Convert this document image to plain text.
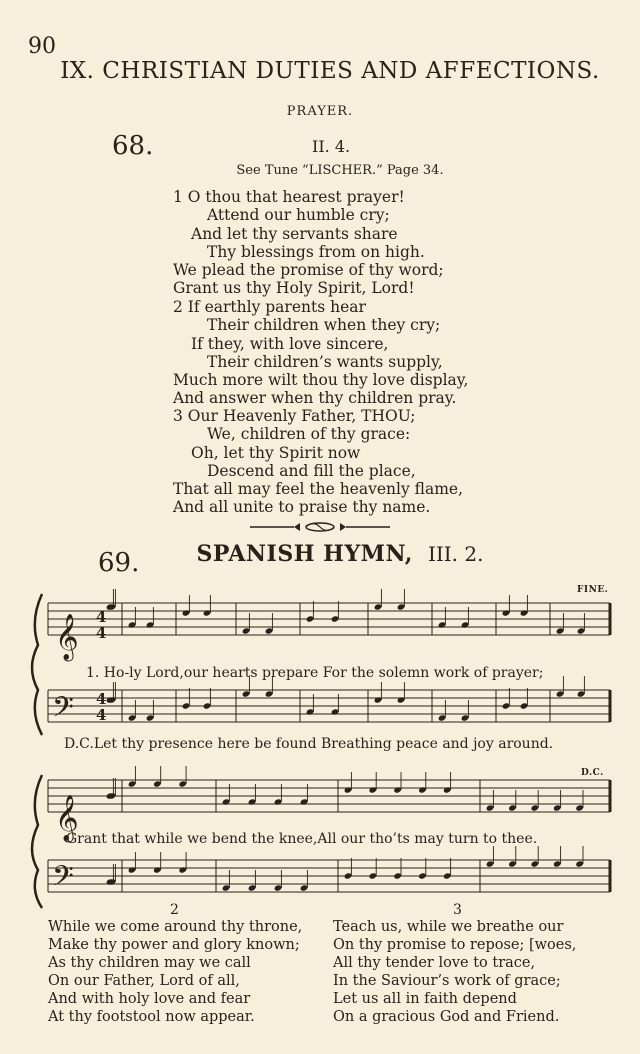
90
IX. CHRISTIAN DUTIES AND AFFECTIONS.
PRAYER.
68.	II. 4.
See Tune “LISCHER.” Page 34.
1 O thou that hearest prayer!
Attend our humble cry;
And let thy servants share
Thy blessings from on high.
We plead the promise of thy word;
Grant us thy Holy Spirit, Lord!
2 If earthly parents hear
Their children when they cry;
If they, with love sincere,
Their children’s wants supply,
Much more wilt thou thy love display,
And answer when thy children pray.
3 Our Heavenly Father, THOU;
We, children of thy grace:
Oh, let thy Spirit now
Descend and fill the place,
That all may feel the heavenly flame,
And all unite to praise thy name.
69.	SPANISH HYMN, III. 2.
FINE.
D.C.
𝄞
𝄢
𝄞
𝄢
4
4
4
4
1. Ho-ly Lord,our hearts prepare For the solemn work of prayer;
D.C.Let thy presence here be found Breathing peace and joy around.
Grant that while we bend the knee,All our tho’ts may turn to thee.
2	3
While we come around thy throne,
Make thy power and glory known;
As thy children may we call
On our Father, Lord of all,
And with holy love and fear
At thy footstool now appear.
Teach us, while we breathe our
On thy promise to repose; [woes,
All thy tender love to trace,
In the Saviour’s work of grace;
Let us all in faith depend
On a gracious God and Friend.
